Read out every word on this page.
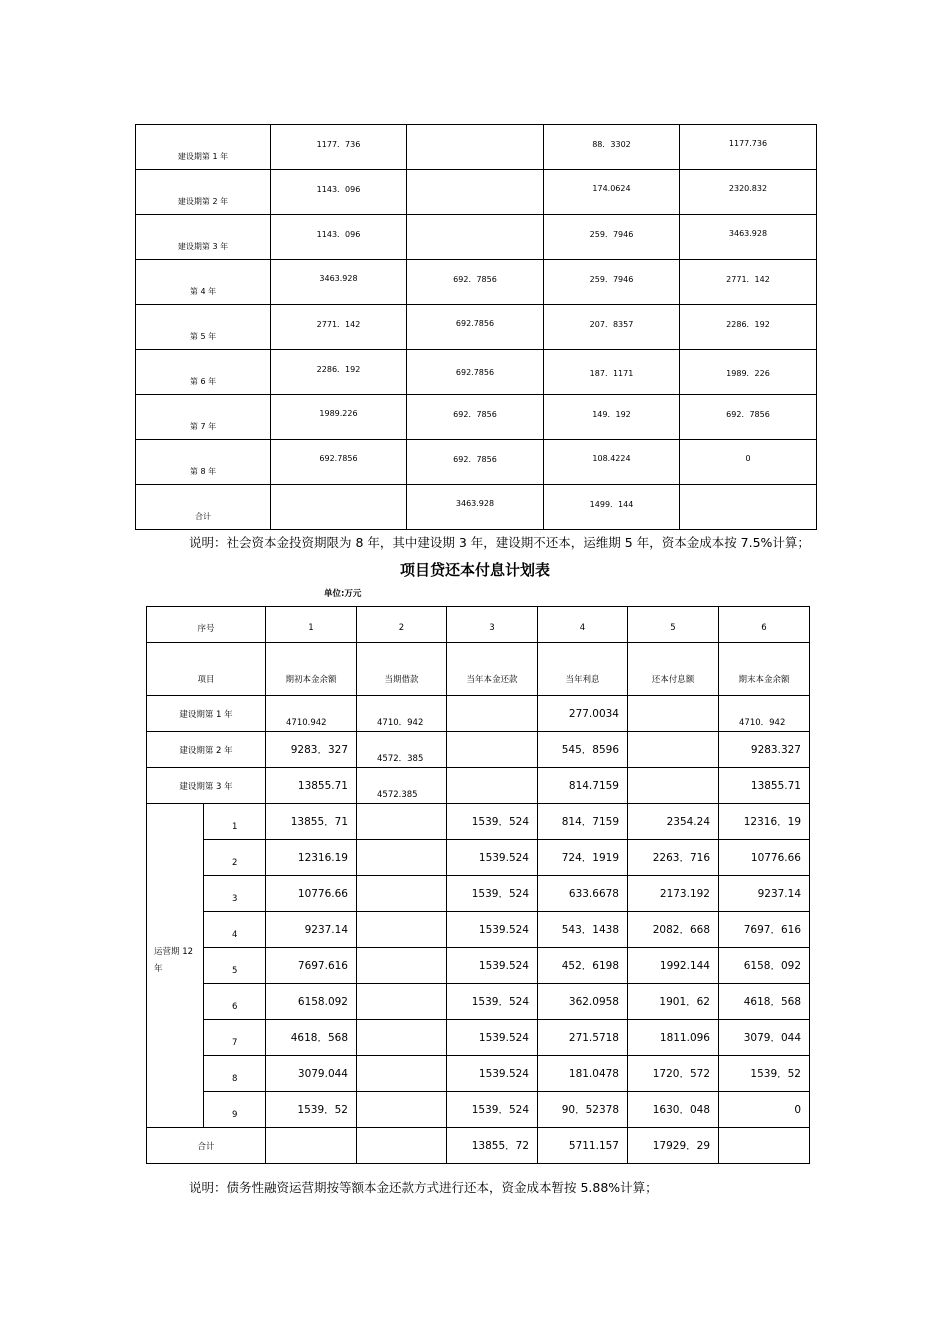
建设期第 1 年	1177．736		88．3302	1177.736

建设期第 2 年	1143．096		174.0624	2320.832

建设期第 3 年	1143．096		259．7946	3463.928

第 4 年	3463.928	692．7856	259．7946	2771．142

第 5 年	2771．142	692.7856	207．8357	2286．192

第 6 年	2286．192	692.7856	187．1171	1989．226

第 7 年	1989.226	692．7856	149．192	692．7856

第 8 年	692.7856	692．7856	108.4224	0

合计		3463.928	1499．144	

说明：社会资本金投资期限为 8 年，其中建设期 3 年，建设期不还本，运维期 5 年，资本金成本按 7.5%计算；
项目贷还本付息计划表
单位:万元
序号		1	2	3	4	5	6

项目		期初本金余额	当期借款	当年本金还款	当年利息	还本付息额	期末本金余额

建设期第 1 年		4710.942	4710．942		277.0034		4710．942

建设期第 2 年		9283．327	4572．385		545．8596		9283.327
建设期第 3 年		13855.71	4572.385		814.7159		13855.71

运营期 12 年	1	13855．71		1539．524	814．7159	2354.24	12316．19

	2	12316.19		1539.524	724．1919	2263．716	10776.66

	3	10776.66		1539．524	633.6678	2173.192	9237.14

	4	9237.14		1539.524	543．1438	2082．668	7697．616

	5	7697.616		1539.524	452．6198	1992.144	6158．092

	6	6158.092		1539．524	362.0958	1901．62	4618．568

	7	4618．568		1539.524	271.5718	1811.096	3079．044

	8	3079.044		1539.524	181.0478	1720．572	1539．52

	9	1539．52		1539．524	90．52378	1630．048	0
合计				13855．72	5711.157	17929．29	
说明：债务性融资运营期按等额本金还款方式进行还本，资金成本暂按 5.88%计算；
